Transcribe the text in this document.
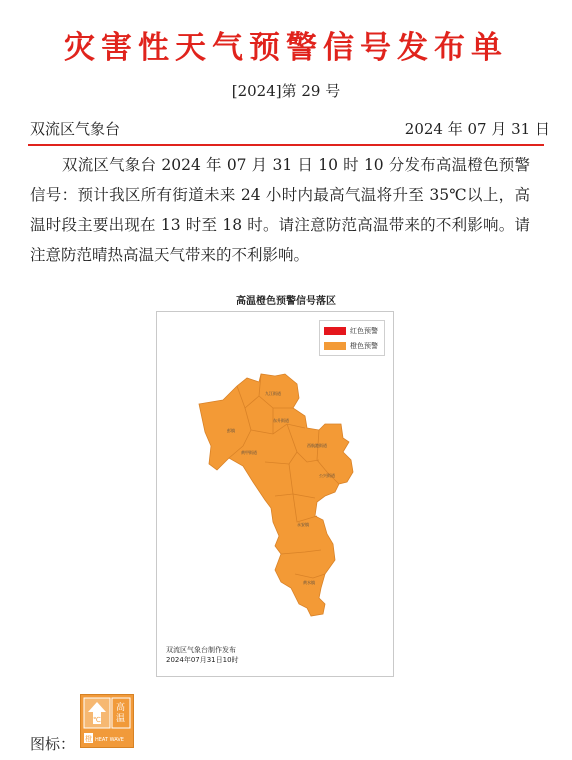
灾害性天气预警信号发布单
[2024]第 29 号
双流区气象台	2024 年 07 月 31 日
双流区气象台 2024 年 07 月 31 日 10 时 10 分发布高温橙色预警信号：预计我区所有街道未来 24 小时内最高气温将升至 35℃以上，高温时段主要出现在 13 时至 18 时。请注意防范高温带来的不利影响。请注意防范晴热高温天气带来的不利影响。
高温橙色预警信号落区
九江街道
东升街道
彭镇
黄甲街道
西航港街道
公兴街道
永安镇
黄水镇
红色预警
橙色预警
双流区气象台制作发布
2024年07月31日10时
图标：
℃
高温
橙 HEAT WAVE
